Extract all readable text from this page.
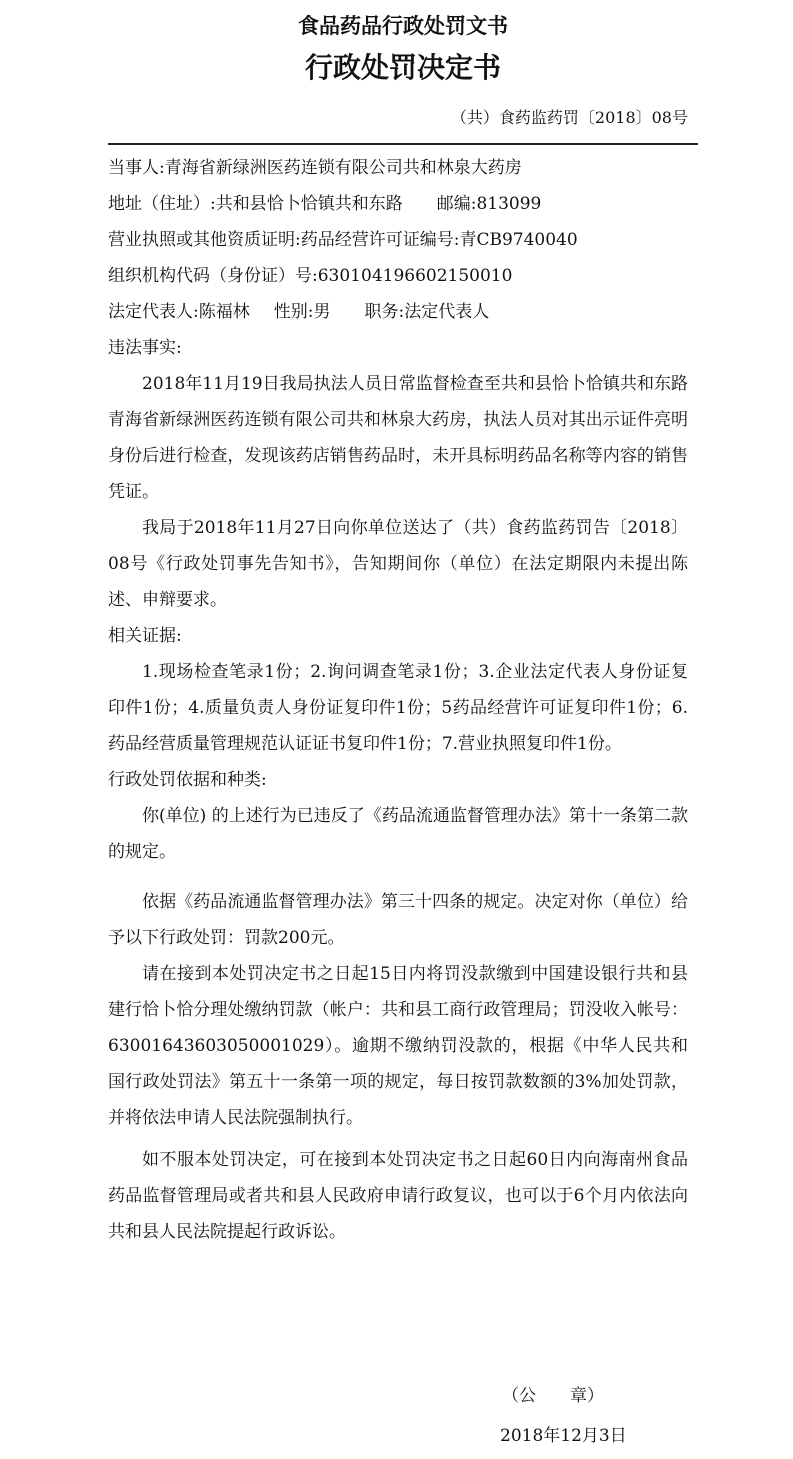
食品药品行政处罚文书
行政处罚决定书
（共）食药监药罚〔2018〕08号
当事人:青海省新绿洲医药连锁有限公司共和林泉大药房
地址（住址）:共和县恰卜恰镇共和东路 邮编:813099
营业执照或其他资质证明:药品经营许可证编号:青CB9740040
组织机构代码（身份证）号:630104196602150010
法定代表人:陈福林 性别:男 职务:法定代表人
违法事实:
2018年11月19日我局执法人员日常监督检查至共和县恰卜恰镇共和东路青海省新绿洲医药连锁有限公司共和林泉大药房，执法人员对其出示证件亮明身份后进行检查，发现该药店销售药品时，未开具标明药品名称等内容的销售凭证。
我局于2018年11月27日向你单位送达了（共）食药监药罚告〔2018〕08号《行政处罚事先告知书》，告知期间你（单位）在法定期限内未提出陈述、申辩要求。
相关证据:
1.现场检查笔录1份；2.询问调查笔录1份；3.企业法定代表人身份证复印件1份；4.质量负责人身份证复印件1份；5药品经营许可证复印件1份；6.药品经营质量管理规范认证证书复印件1份；7.营业执照复印件1份。
行政处罚依据和种类:
你(单位) 的上述行为已违反了《药品流通监督管理办法》第十一条第二款的规定。
依据《药品流通监督管理办法》第三十四条的规定。决定对你（单位）给予以下行政处罚：罚款200元。
请在接到本处罚决定书之日起15日内将罚没款缴到中国建设银行共和县建行恰卜恰分理处缴纳罚款（帐户：共和县工商行政管理局；罚没收入帐号：63001643603050001029）。逾期不缴纳罚没款的，根据《中华人民共和国行政处罚法》第五十一条第一项的规定，每日按罚款数额的3%加处罚款，并将依法申请人民法院强制执行。
如不服本处罚决定，可在接到本处罚决定书之日起60日内向海南州食品药品监督管理局或者共和县人民政府申请行政复议，也可以于6个月内依法向共和县人民法院提起行政诉讼。
（公　　章）
2018年12月3日
